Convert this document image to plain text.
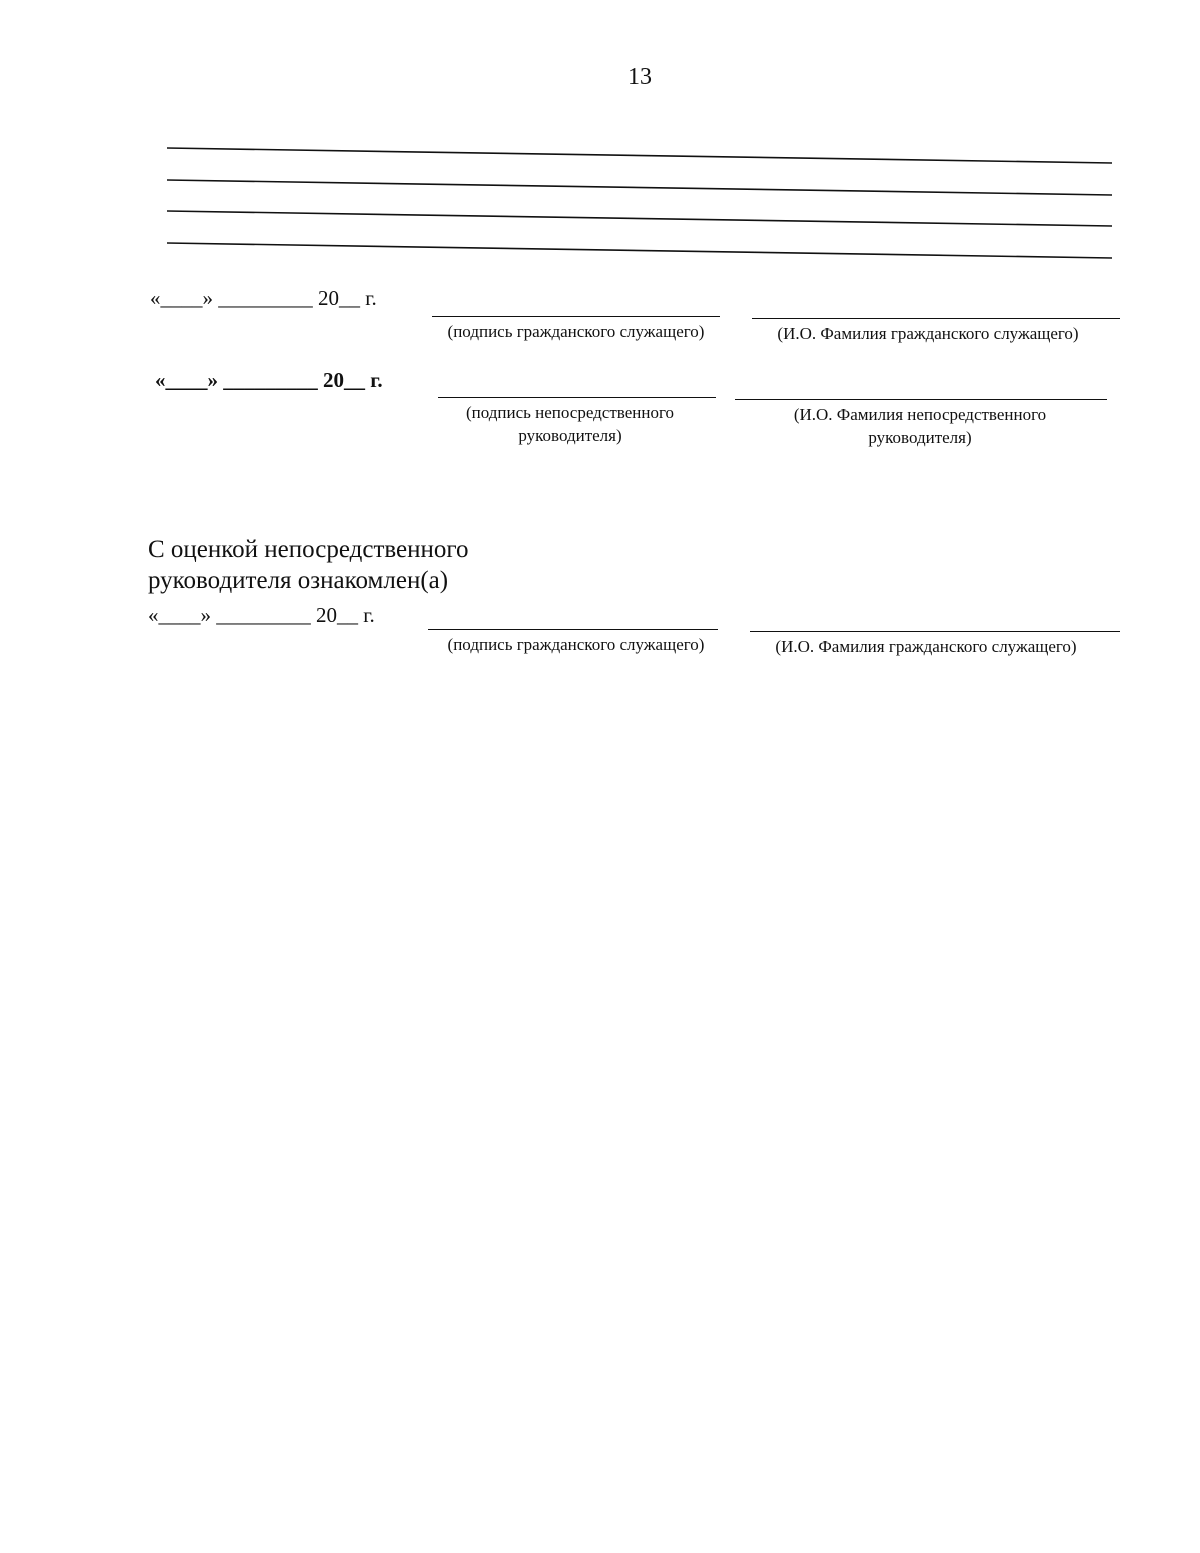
13
«____» _________ 20__ г.
(подпись гражданского служащего)	(И.О. Фамилия гражданского служащего)
«____» _________ 20__ г.
(подпись непосредственного руководителя)
(И.О. Фамилия непосредственного руководителя)
С оценкой непосредственного
руководителя ознакомлен(а)
«____» _________ 20__ г.
(подпись гражданского служащего)	(И.О. Фамилия гражданского служащего)
